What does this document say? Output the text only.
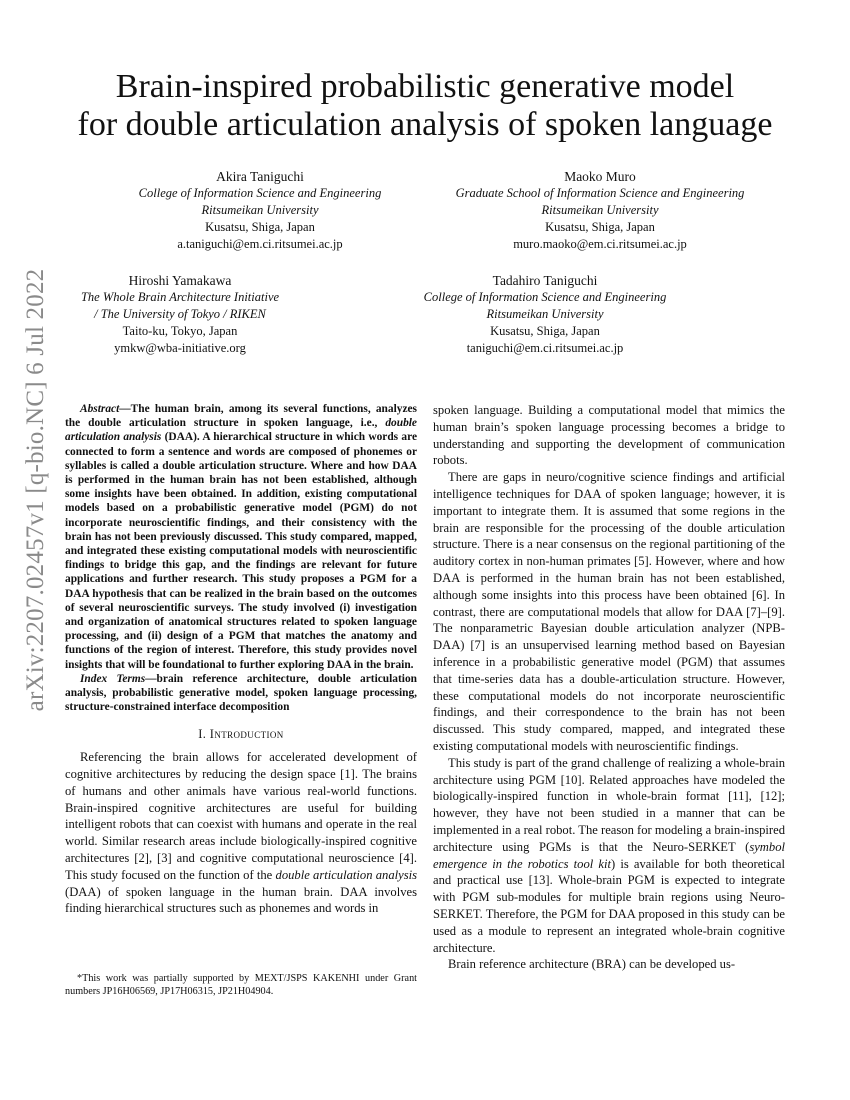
arXiv:2207.02457v1 [q-bio.NC] 6 Jul 2022
Brain-inspired probabilistic generative model
for double articulation analysis of spoken language
Akira Taniguchi
College of Information Science and Engineering
Ritsumeikan University
Kusatsu, Shiga, Japan
a.taniguchi@em.ci.ritsumei.ac.jp
Maoko Muro
Graduate School of Information Science and Engineering
Ritsumeikan University
Kusatsu, Shiga, Japan
muro.maoko@em.ci.ritsumei.ac.jp
Hiroshi Yamakawa
The Whole Brain Architecture Initiative
/ The University of Tokyo / RIKEN
Taito-ku, Tokyo, Japan
ymkw@wba-initiative.org
Tadahiro Taniguchi
College of Information Science and Engineering
Ritsumeikan University
Kusatsu, Shiga, Japan
taniguchi@em.ci.ritsumei.ac.jp

Abstract—The human brain, among its several functions, analyzes the double articulation structure in spoken language, i.e., double articulation analysis (DAA). A hierarchical structure in which words are connected to form a sentence and words are composed of phonemes or syllables is called a double articulation structure. Where and how DAA is performed in the human brain has not been established, although some insights have been obtained. In addition, existing computational models based on a probabilistic generative model (PGM) do not incorporate neuroscientific findings, and their consistency with the brain has not been previously discussed. This study compared, mapped, and integrated these existing computational models with neuroscientific findings to bridge this gap, and the findings are relevant for future applications and further research. This study proposes a PGM for a DAA hypothesis that can be realized in the brain based on the outcomes of several neuroscientific surveys. The study involved (i) investigation and organization of anatomical structures related to spoken language processing, and (ii) design of a PGM that matches the anatomy and functions of the region of interest. Therefore, this study provides novel insights that will be foundational to further exploring DAA in the brain.

Index Terms—brain reference architecture, double articulation analysis, probabilistic generative model, spoken language processing, structure-constrained interface decomposition

I. Introduction

Referencing the brain allows for accelerated development of cognitive architectures by reducing the design space [1]. The brains of humans and other animals have various real-world functions. Brain-inspired cognitive architectures are useful for building intelligent robots that can coexist with humans and operate in the real world. Similar research areas include biologically-inspired cognitive architectures [2], [3] and cognitive computational neuroscience [4]. This study focused on the function of the double articulation analysis (DAA) of spoken language in the human brain. DAA involves finding hierarchical structures such as phonemes and words in

*This work was partially supported by MEXT/JSPS KAKENHI under Grant numbers JP16H06569, JP17H06315, JP21H04904.

spoken language. Building a computational model that mimics the human brain’s spoken language processing becomes a bridge to understanding and supporting the development of communication robots.

There are gaps in neuro/cognitive science findings and artificial intelligence techniques for DAA of spoken language; however, it is important to integrate them. It is assumed that some regions in the brain are responsible for the processing of the double articulation structure. There is a near consensus on the regional partitioning of the auditory cortex in non-human primates [5]. However, where and how DAA is performed in the human brain has not been established, although some insights into this process have been obtained [6]. In contrast, there are computational models that allow for DAA [7]–[9]. The nonparametric Bayesian double articulation analyzer (NPB-DAA) [7] is an unsupervised learning method based on Bayesian inference in a probabilistic generative model (PGM) that assumes that time-series data has a double-articulation structure. However, these computational models do not incorporate neuroscientific findings, and their correspondence to the brain has not been discussed. This study compared, mapped, and integrated these existing computational models with neuroscientific findings.

This study is part of the grand challenge of realizing a whole-brain architecture using PGM [10]. Related approaches have modeled the biologically-inspired function in whole-brain format [11], [12]; however, they have not been studied in a manner that can be implemented in a real robot. The reason for modeling a brain-inspired architecture using PGMs is that the Neuro-SERKET (symbol emergence in the robotics tool kit) is available for both theoretical and practical use [13]. Whole-brain PGM is expected to integrate with PGM sub-modules for multiple brain regions using Neuro-SERKET. Therefore, the PGM for DAA proposed in this study can be used as a module to represent an integrated whole-brain cognitive architecture.

Brain reference architecture (BRA) can be developed us-
